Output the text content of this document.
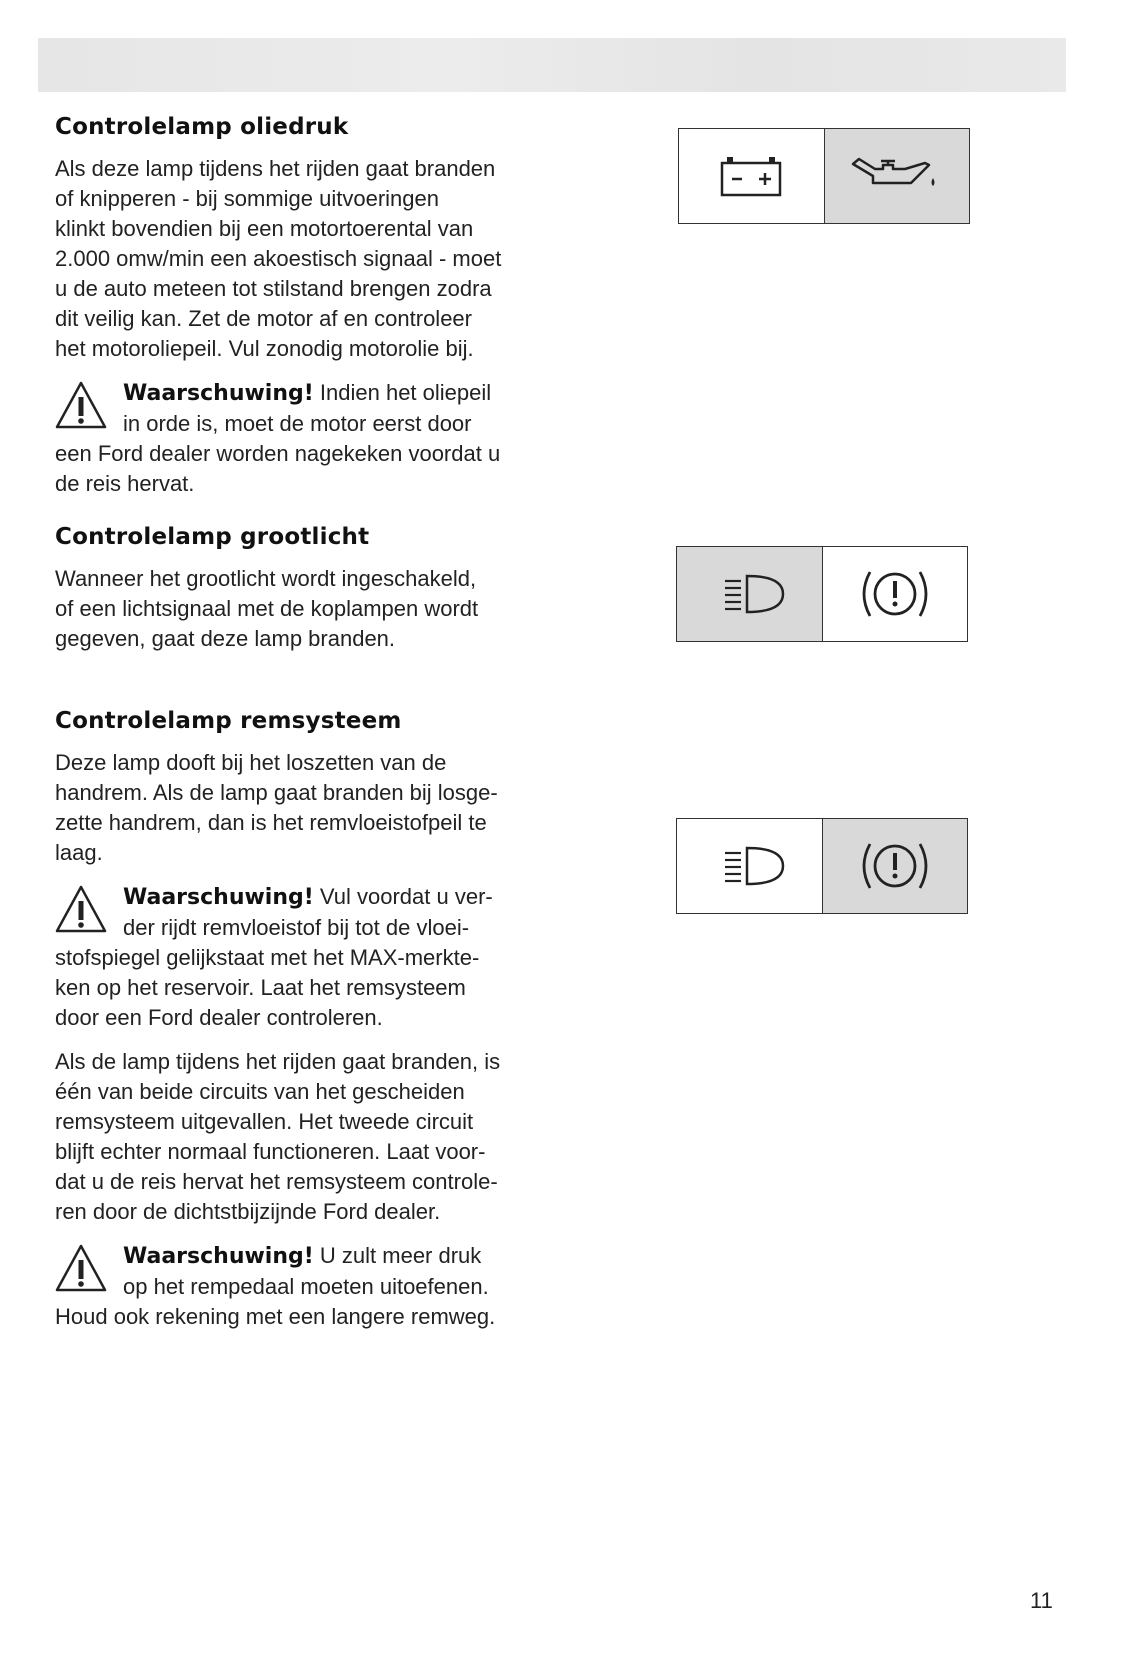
Controlelamp oliedruk

Als deze lamp tijdens het rijden gaat branden

of knipperen - bij sommige uitvoeringen

klinkt bovendien bij een motortoerental van

2.000 omw/min een akoestisch signaal - moet

u de auto meteen tot stilstand brengen zodra

dit veilig kan. Zet de motor af en controleer

het motoroliepeil. Vul zonodig motorolie bij.

Waarschuwing! Indien het oliepeil

in orde is, moet de motor eerst door

een Ford dealer worden nagekeken voordat u

de reis hervat.

Controlelamp grootlicht

Wanneer het grootlicht wordt ingeschakeld,

of een lichtsignaal met de koplampen wordt

gegeven, gaat deze lamp branden.

Controlelamp remsysteem

Deze lamp dooft bij het loszetten van de

handrem. Als de lamp gaat branden bij losge-

zette handrem, dan is het remvloeistofpeil te

laag.

Waarschuwing! Vul voordat u ver-

der rijdt remvloeistof bij tot de vloei-

stofspiegel gelijkstaat met het MAX-merkte-

ken op het reservoir. Laat het remsysteem

door een Ford dealer controleren.

Als de lamp tijdens het rijden gaat branden, is

één van beide circuits van het gescheiden

remsysteem uitgevallen. Het tweede circuit

blijft echter normaal functioneren. Laat voor-

dat u de reis hervat het remsysteem controle-

ren door de dichtstbijzijnde Ford dealer.

Waarschuwing! U zult meer druk

op het rempedaal moeten uitoefenen.

Houd ook rekening met een langere remweg.

11
